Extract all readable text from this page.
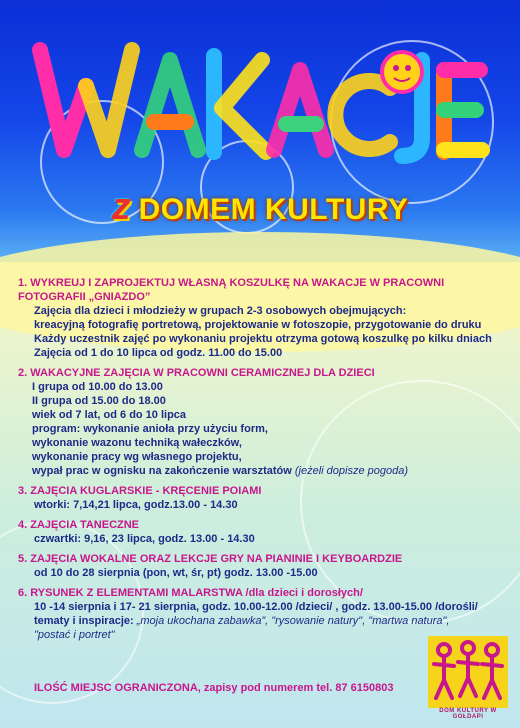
z DOMEM KULTURY
1. WYKREUJ I ZAPROJEKTUJ WŁASNĄ KOSZULKĘ NA WAKACJE W PRACOWNI FOTOGRAFII „GNIAZDO”
Zajęcia dla dzieci i młodzieży w grupach 2-3 osobowych obejmujących:
kreacyjną fotografię portretową, projektowanie w fotoszopie, przygotowanie do druku
Każdy uczestnik zajęć po wykonaniu projektu otrzyma gotową koszulkę po kilku dniach
Zajęcia od 1 do 10 lipca od godz. 11.00 do 15.00
2. WAKACYJNE ZAJĘCIA W PRACOWNI CERAMICZNEJ DLA DZIECI
I grupa od 10.00 do 13.00
II grupa od 15.00 do 18.00
wiek od 7 lat, od 6 do 10 lipca
program: wykonanie anioła przy użyciu form,
wykonanie wazonu techniką wałeczków,
wykonanie pracy wg własnego projektu,
wypał prac w ognisku na zakończenie warsztatów (jeżeli dopisze pogoda)
3. ZAJĘCIA KUGLARSKIE - KRĘCENIE POIAMI
wtorki: 7,14,21 lipca, godz.13.00 - 14.30
4. ZAJĘCIA TANECZNE
czwartki: 9,16, 23 lipca, godz. 13.00 - 14.30
5. ZAJĘCIA WOKALNE ORAZ LEKCJE GRY NA PIANINIE I KEYBOARDZIE
od 10 do 28 sierpnia (pon, wt, śr, pt) godz. 13.00 -15.00
6. RYSUNEK Z ELEMENTAMI MALARSTWA /dla dzieci i dorosłych/
10 -14 sierpnia i 17- 21 sierpnia, godz. 10.00-12.00 /dzieci/ , godz. 13.00-15.00 /dorośli/
tematy i inspiracje: „moja ukochana zabawka”, "rysowanie natury", "martwa natura",
"postać i portret"
ILOŚĆ MIEJSC OGRANICZONA, zapisy pod numerem tel. 87 6150803
DOM KULTURY W GOŁDAPI
